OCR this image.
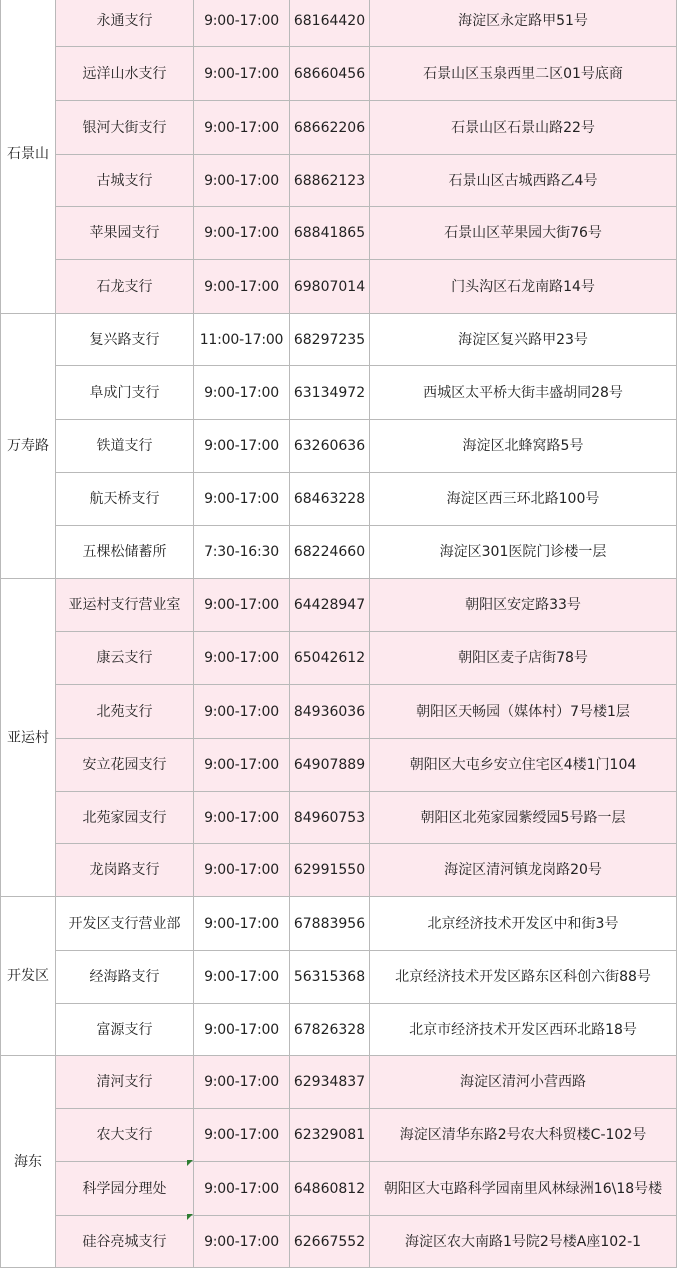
石景山	永通支行	9:00-17:00	68164420	海淀区永定路甲51号
	远洋山水支行	9:00-17:00	68660456	石景山区玉泉西里二区01号底商
	银河大街支行	9:00-17:00	68662206	石景山区石景山路22号
	古城支行	9:00-17:00	68862123	石景山区古城西路乙4号
	苹果园支行	9:00-17:00	68841865	石景山区苹果园大街76号
	石龙支行	9:00-17:00	69807014	门头沟区石龙南路14号
万寿路	复兴路支行	11:00-17:00	68297235	海淀区复兴路甲23号
	阜成门支行	9:00-17:00	63134972	西城区太平桥大街丰盛胡同28号
	铁道支行	9:00-17:00	63260636	海淀区北蜂窝路5号
	航天桥支行	9:00-17:00	68463228	海淀区西三环北路100号
	五棵松储蓄所	7:30-16:30	68224660	海淀区301医院门诊楼一层
亚运村	亚运村支行营业室	9:00-17:00	64428947	朝阳区安定路33号
	康云支行	9:00-17:00	65042612	朝阳区麦子店街78号
	北苑支行	9:00-17:00	84936036	朝阳区天畅园（媒体村）7号楼1层
	安立花园支行	9:00-17:00	64907889	朝阳区大屯乡安立住宅区4楼1门104
	北苑家园支行	9:00-17:00	84960753	朝阳区北苑家园紫绶园5号路一层
	龙岗路支行	9:00-17:00	62991550	海淀区清河镇龙岗路20号
开发区	开发区支行营业部	9:00-17:00	67883956	北京经济技术开发区中和街3号
	经海路支行	9:00-17:00	56315368	北京经济技术开发区路东区科创六街88号
	富源支行	9:00-17:00	67826328	北京市经济技术开发区西环北路18号
海东	清河支行	9:00-17:00	62934837	海淀区清河小营西路
	农大支行	9:00-17:00	62329081	海淀区清华东路2号农大科贸楼C-102号
	科学园分理处	9:00-17:00	64860812	朝阳区大屯路科学园南里风林绿洲16\18号楼
	硅谷亮城支行	9:00-17:00	62667552	海淀区农大南路1号院2号楼A座102-1
